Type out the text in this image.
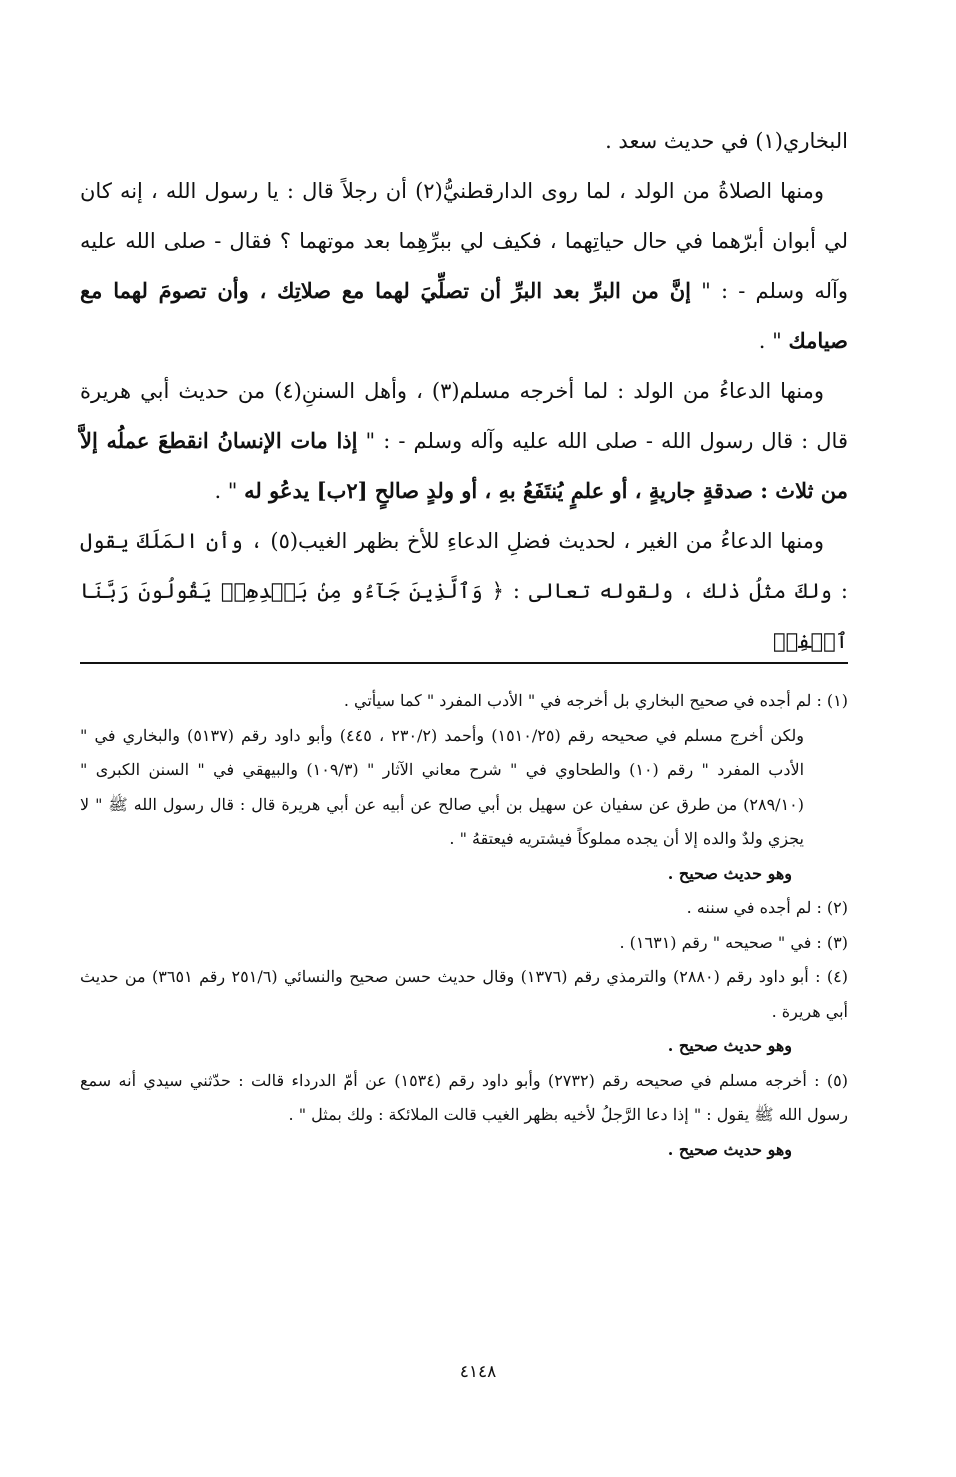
البخاري(١) في حديث سعد .

ومنها الصلاةُ من الولد ، لما روى الدارقطنيُّ(٢) أن رجلاً قال : يا رسول الله ، إنه كان لي أبوان أبرّهما في حال حياتِهما ، فكيف لي ببرِّهِما بعد موتهما ؟ فقال - صلى الله عليه وآله وسلم - : " إنَّ من البرِّ بعد البرِّ أن تصلِّيَ لهما مع صلاتِك ، وأن تصومَ لهما مع صيامك " .

ومنها الدعاءُ من الولد : لما أخرجه مسلم(٣) ، وأهل السننِ(٤) من حديث أبي هريرة قال : قال رسول الله - صلى الله عليه وآله وسلم - : " إذا مات الإنسانُ انقطعَ عملُه إلاَّ من ثلاث : صدقةٍ جاريةٍ ، أو علمٍ يُنتَفَعُ بهِ ، أو ولدٍ صالحٍ [٢ب] يدعُو له " .

ومنها الدعاءُ من الغير ، لحديث فضلِ الدعاءِ للأخ بظهر الغيب(٥) ، وأن المَلَكَ يقول : ولكَ مثلُ ذلك ، ولقوله تعالى : ﴿ وَٱلَّذِينَ جَآءُو مِنۢ بَعۡدِهِمۡ يَقُولُونَ رَبَّنَا ٱغۡفِرۡ

(١) : لم أجده في صحيح البخاري بل أخرجه في " الأدب المفرد " كما سيأتي .

ولكن أخرج مسلم في صحيحه رقم (١٥١٠/٢٥) وأحمد (٢٣٠/٢ ، ٤٤٥) وأبو داود رقم (٥١٣٧) والبخاري في " الأدب المفرد " رقم (١٠) والطحاوي في " شرح معاني الآثار " (١٠٩/٣) والبيهقي في " السنن الكبرى " (٢٨٩/١٠) من طرق عن سفيان عن سهيل بن أبي صالح عن أبيه عن أبي هريرة قال : قال رسول الله ﷺ " لا يجزي ولدٌ والده إلا أن يجده مملوكاً فيشتريه فيعتقهُ " .

وهو حديث صحيح .

(٢) : لم أجده في سننه .

(٣) : في " صحيحه " رقم (١٦٣١) .

(٤) : أبو داود رقم (٢٨٨٠) والترمذي رقم (١٣٧٦) وقال حديث حسن صحيح والنسائي (٢٥١/٦ رقم ٣٦٥١) من حديث أبي هريرة .

وهو حديث صحيح .

(٥) : أخرجه مسلم في صحيحه رقم (٢٧٣٢) وأبو داود رقم (١٥٣٤) عن أمّ الدرداء قالت : حدّثني سيدي أنه سمع رسول الله ﷺ يقول : " إذا دعا الرَّجلُ لأخيه بظهر الغيب قالت الملائكة : ولك بمثل " .

وهو حديث صحيح .

٤١٤٨
